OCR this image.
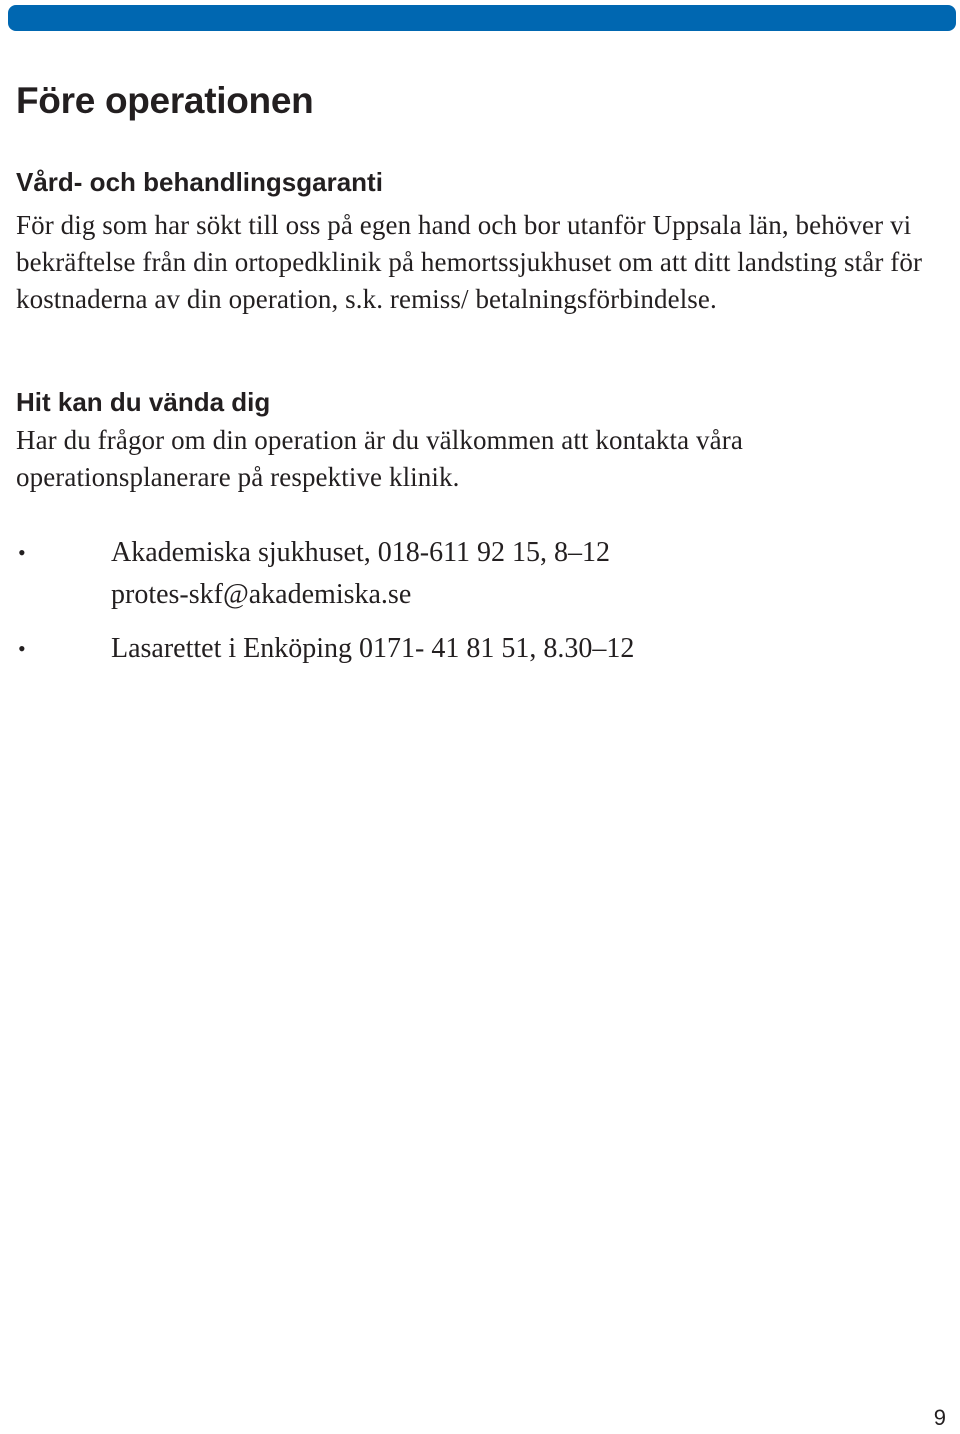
Före operationen
Vård- och behandlingsgaranti

För dig som har sökt till oss på egen hand och bor utanför Uppsala län, behöver vi bekräftelse från din ortopedklinik på hemortssjukhuset om att ditt landsting står för kostnaderna av din operation, s.k. remiss/ betalningsförbindelse.

Hit kan du vända dig

Har du frågor om din operation är du välkommen att kontakta våra operationsplanerare på respektive klinik.

•	Akademiska sjukhuset, 018-611 92 15, 8–12
protes-skf@akademiska.se
•	Lasarettet i Enköping 0171- 41 81 51, 8.30–12
9
